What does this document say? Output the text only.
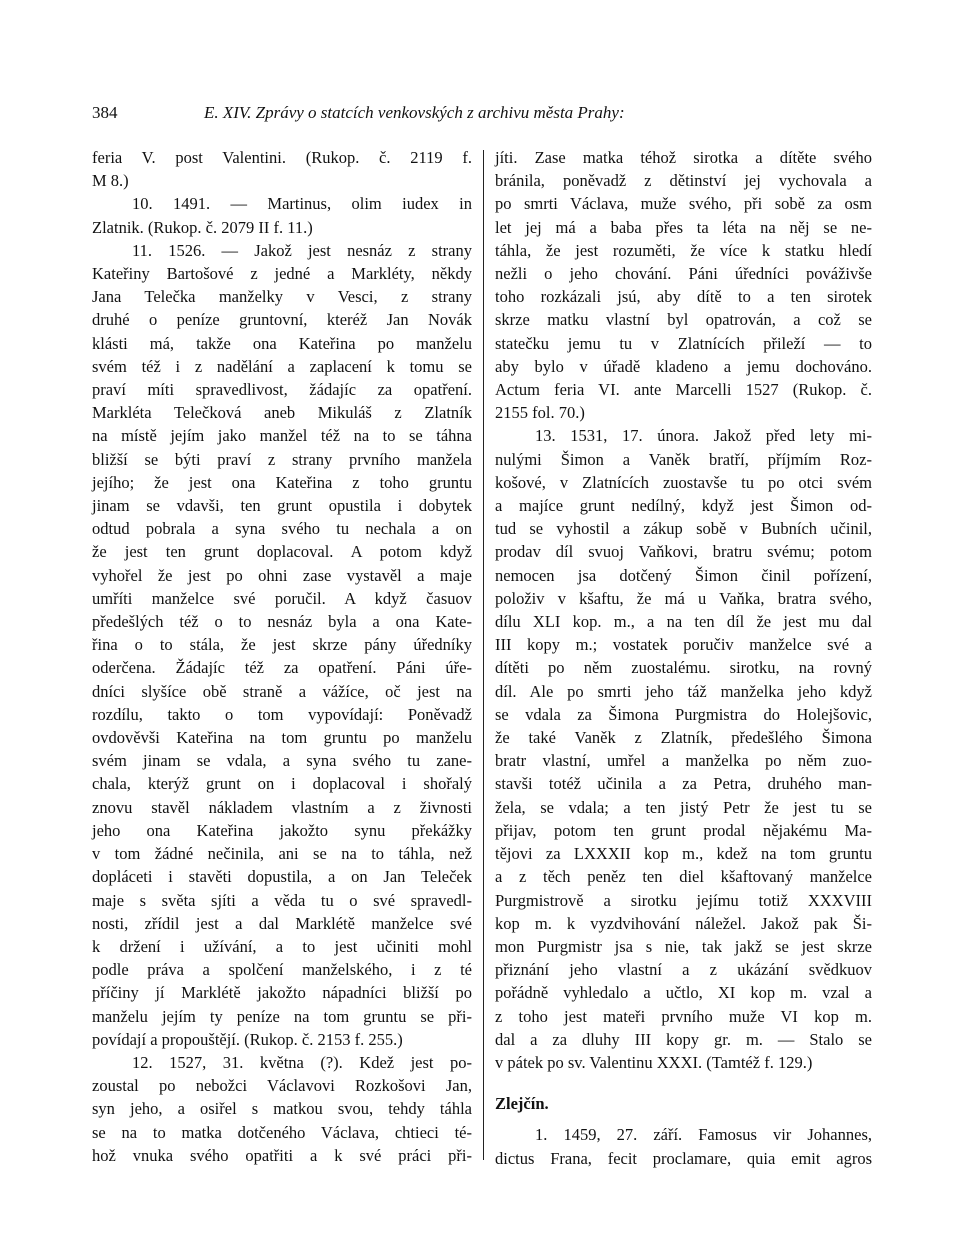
384	E. XIV. Zprávy o statcích venkovských z archivu města Prahy:
feria V. post Valentini. (Rukop. č. 2119 f.
M 8.)
10. 1491. — Martinus, olim iudex in
Zlatnik. (Rukop. č. 2079 II f. 11.)
11. 1526. — Jakož jest nesnáz z strany
Kateřiny Bartošové z jedné a Markléty, někdy
Jana Telečka manželky v Vesci, z strany
druhé o peníze gruntovní, kteréž Jan Novák
klásti má, takže ona Kateřina po manželu
svém též i z nadělání a zaplacení k tomu se
praví míti spravedlivost, žádajíc za opatření.
Markléta Telečková aneb Mikuláš z Zlatník
na místě jejím jako manžel též na to se táhna
bližší se býti praví z strany prvního manžela
jejího; že jest ona Kateřina z toho gruntu
jinam se vdavši, ten grunt opustila i dobytek
odtud pobrala a syna svého tu nechala a on
že jest ten grunt doplacoval. A potom když
vyhořel že jest po ohni zase vystavěl a maje
umříti manželce své poručil. A když časuov
předešlých též o to nesnáz byla a ona Kate-
řina o to stála, že jest skrze pány úředníky
oderčena. Žádajíc též za opatření. Páni úře-
dníci slyšíce obě straně a vážíce, oč jest na
rozdílu, takto o tom vypovídají: Poněvadž
ovdověvši Kateřina na tom gruntu po manželu
svém jinam se vdala, a syna svého tu zane-
chala, kterýž grunt on i doplacoval i shořalý
znovu stavěl nákladem vlastním a z živnosti
jeho ona Kateřina jakožto synu překážky
v tom žádné nečinila, ani se na to táhla, než
dopláceti i stavěti dopustila, a on Jan Teleček
maje s světa sjíti a věda tu o své spravedl-
nosti, zřídil jest a dal Marklétě manželce své
k držení i užívání, a to jest učiniti mohl
podle práva a spolčení manželského, i z té
příčiny jí Marklétě jakožto nápadníci bližší po
manželu jejím ty peníze na tom gruntu se při-
povídají a propouštějí. (Rukop. č. 2153 f. 255.)
12. 1527, 31. května (?). Kdež jest po-
zoustal po nebožci Václavovi Rozkošovi Jan,
syn jeho, a osiřel s matkou svou, tehdy táhla
se na to matka dotčeného Václava, chtieci té-
hož vnuka svého opatřiti a k své práci při-
jíti. Zase matka téhož sirotka a dítěte svého
bránila, poněvadž z dětinství jej vychovala a
po smrti Václava, muže svého, při sobě za osm
let jej má a baba přes ta léta na něj se ne-
táhla, že jest rozuměti, že více k statku hledí
nežli o jeho chování. Páni úředníci pováživše
toho rozkázali jsú, aby dítě to a ten sirotek
skrze matku vlastní byl opatrován, a což se
statečku jemu tu v Zlatnících přileží — to
aby bylo v úřadě kladeno a jemu dochováno.
Actum feria VI. ante Marcelli 1527 (Rukop. č.
2155 fol. 70.)
13. 1531, 17. února. Jakož před lety mi-
nulými Šimon a Vaněk bratří, příjmím Roz-
košové, v Zlatnících zuostavše tu po otci svém
a majíce grunt nedílný, když jest Šimon od-
tud se vyhostil a zákup sobě v Bubních učinil,
prodav díl svuoj Vaňkovi, bratru svému; potom
nemocen jsa dotčený Šimon činil pořízení,
položiv v kšaftu, že má u Vaňka, bratra svého,
dílu XLI kop. m., a na ten díl že jest mu dal
III kopy m.; vostatek poručiv manželce své a
dítěti po něm zuostalému. sirotku, na rovný
díl. Ale po smrti jeho táž manželka jeho když
se vdala za Šimona Purgmistra do Holejšovic,
že také Vaněk z Zlatník, předešlého Šimona
bratr vlastní, umřel a manželka po něm zuo-
stavši totéž učinila a za Petra, druhého man-
žela, se vdala; a ten jistý Petr že jest tu se
přijav, potom ten grunt prodal nějakému Ma-
těјovi za LXXXII kop m., kdež na tom gruntu
a z těch peněz ten diel kšaftovaný manželce
Purgmistrově a sirotku jejímu totiž XXXVIII
kop m. k vyzdvihování náležel. Jakož pak Ši-
mon Purgmistr jsa s nie, tak jakž se jest skrze
přiznání jeho vlastní a z ukázání svědkuov
pořádně vyhledalo a učtlo, XI kop m. vzal a
z toho jest mateři prvního muže VI kop m.
dal a za dluhy III kopy gr. m. — Stalo se
v pátek po sv. Valentinu XXXI. (Tamtéž f. 129.)
Zlejčín.
1. 1459, 27. září. Famosus vir Johannes,
dictus Frana, fecit proclamare, quia emit agros
